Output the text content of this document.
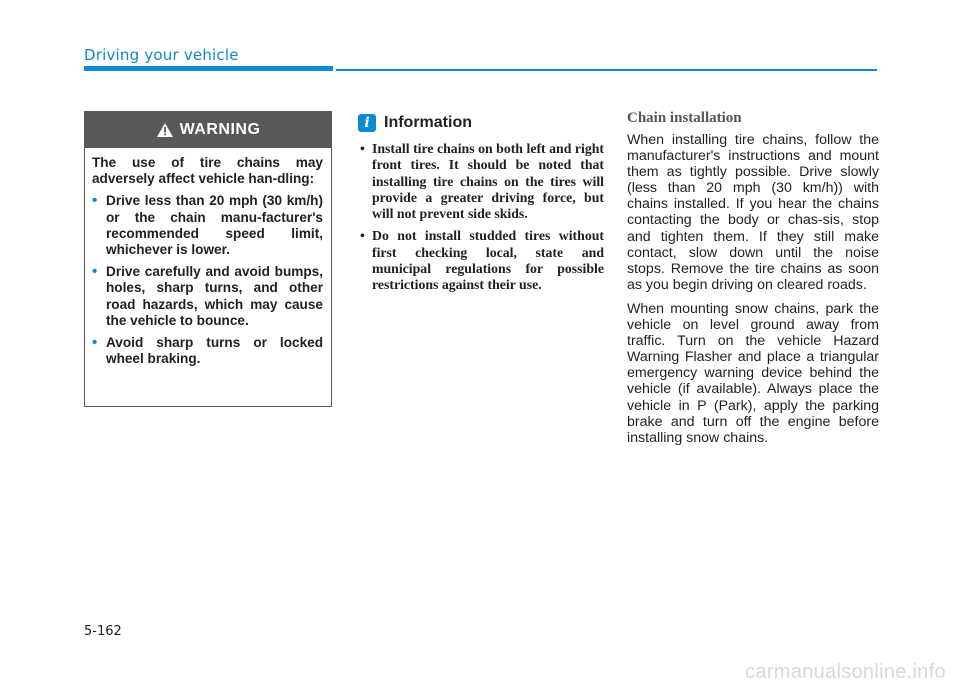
Driving your vehicle
WARNING

The use of tire chains may adversely affect vehicle han-dling:

• Drive less than 20 mph (30 km/h) or the chain manu-facturer's recommended speed limit, whichever is lower.
• Drive carefully and avoid bumps, holes, sharp turns, and other road hazards, which may cause the vehicle to bounce.
• Avoid sharp turns or locked wheel braking.
i Information
• Install tire chains on both left and right front tires. It should be noted that installing tire chains on the tires will provide a greater driving force, but will not prevent side skids.
• Do not install studded tires without first checking local, state and municipal regulations for possible restrictions against their use.
Chain installation

When installing tire chains, follow the manufacturer's instructions and mount them as tightly possible. Drive slowly (less than 20 mph (30 km/h)) with chains installed. If you hear the chains contacting the body or chas-sis, stop and tighten them. If they still make contact, slow down until the noise stops. Remove the tire chains as soon as you begin driving on cleared roads.

When mounting snow chains, park the vehicle on level ground away from traffic. Turn on the vehicle Hazard Warning Flasher and place a triangular emergency warning device behind the vehicle (if available). Always place the vehicle in P (Park), apply the parking brake and turn off the engine before installing snow chains.

5-162
carmanualsonline.info
